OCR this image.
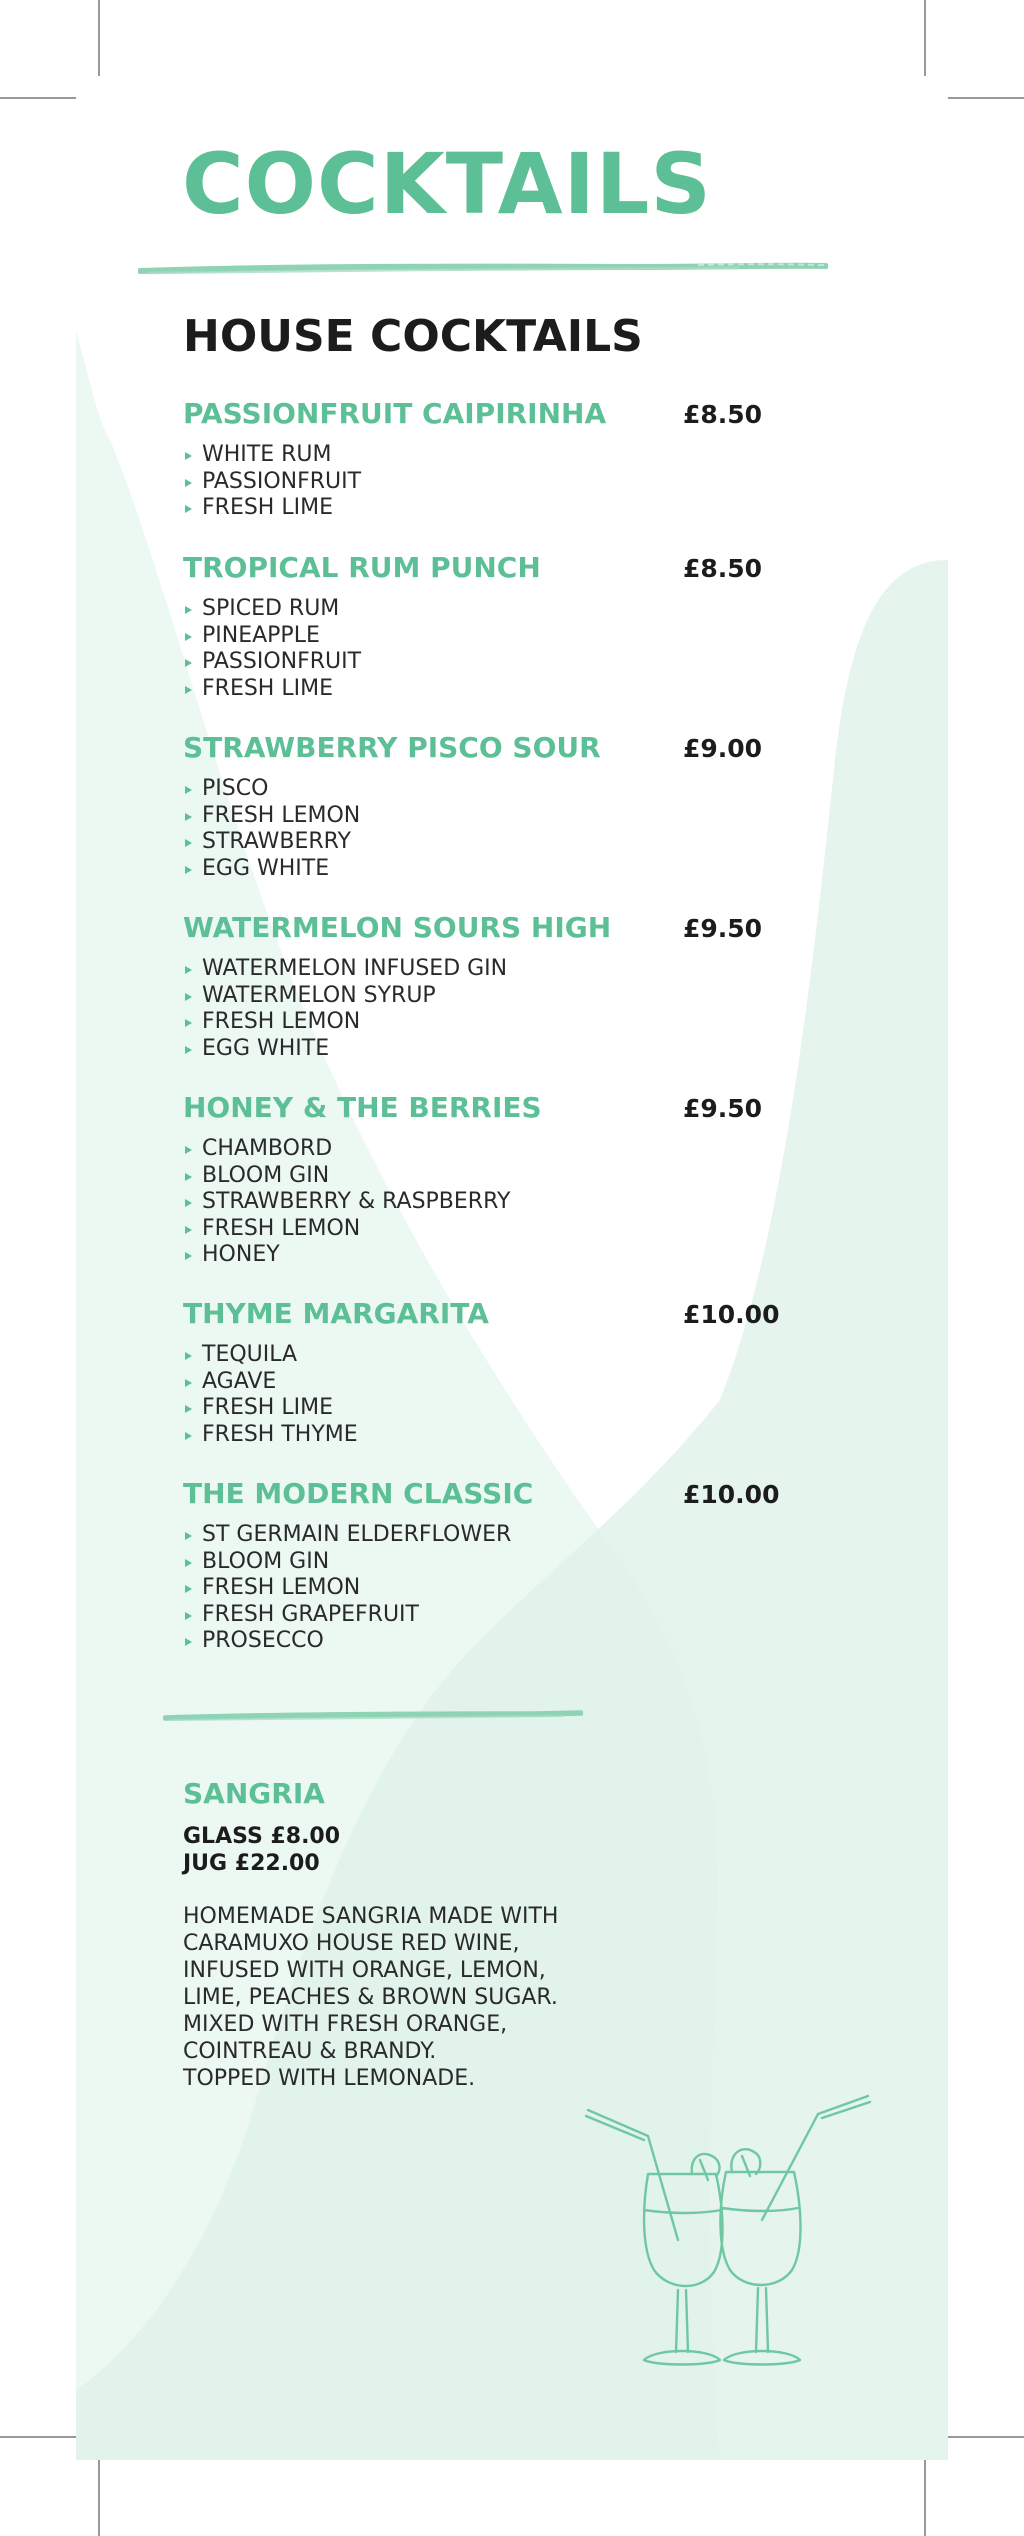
COCKTAILS
HOUSE COCKTAILS
PASSIONFRUIT CAIPIRINHA	£8.50
WHITE RUM
PASSIONFRUIT
FRESH LIME
TROPICAL RUM PUNCH	£8.50
SPICED RUM
PINEAPPLE
PASSIONFRUIT
FRESH LIME
STRAWBERRY PISCO SOUR	£9.00
PISCO
FRESH LEMON
STRAWBERRY
EGG WHITE
WATERMELON SOURS HIGH	£9.50
WATERMELON INFUSED GIN
WATERMELON SYRUP
FRESH LEMON
EGG WHITE
HONEY & THE BERRIES	£9.50
CHAMBORD
BLOOM GIN
STRAWBERRY & RASPBERRY
FRESH LEMON
HONEY
THYME MARGARITA	£10.00
TEQUILA
AGAVE
FRESH LIME
FRESH THYME
THE MODERN CLASSIC	£10.00
ST GERMAIN ELDERFLOWER
BLOOM GIN
FRESH LEMON
FRESH GRAPEFRUIT
PROSECCO
SANGRIA
GLASS £8.00
JUG £22.00
HOMEMADE SANGRIA MADE WITH
CARAMUXO HOUSE RED WINE,
INFUSED WITH ORANGE, LEMON,
LIME, PEACHES & BROWN SUGAR.
MIXED WITH FRESH ORANGE,
COINTREAU & BRANDY.
TOPPED WITH LEMONADE.
